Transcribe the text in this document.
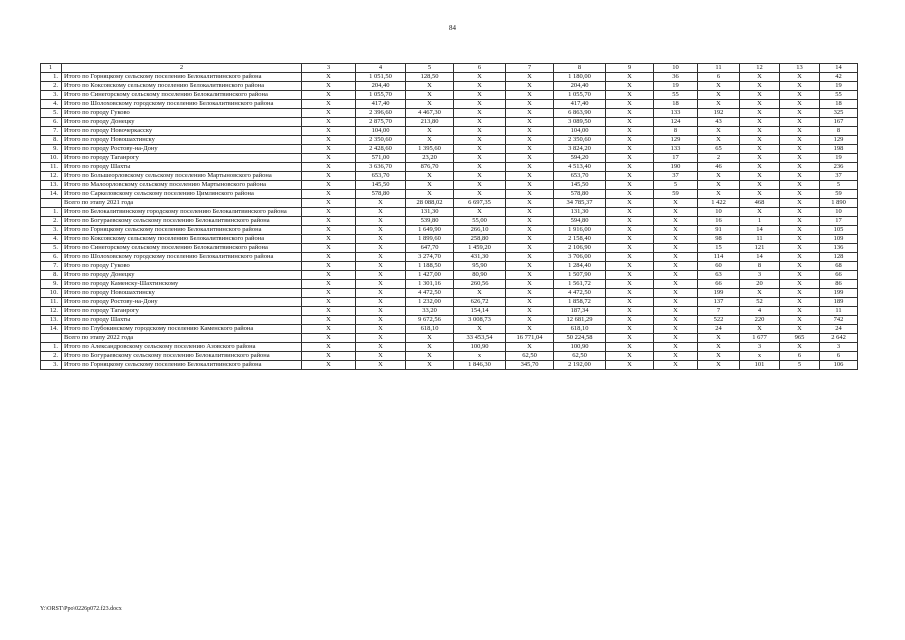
84
1	2	3	4	5	6	7	8	9	10	11	12	13	14
1.	Итого по Горняцкому сельскому поселению Белокалитвинского района	X	1 051,50	128,50	X	X	1 180,00	X	36	6	X	X	42
2.	Итого по Коксовскому сельскому поселению Белокалитвинского района	X	204,40	X	X	X	204,40	X	19	X	X	X	19
3.	Итого по Синегорскому сельскому поселению Белокалитвинского района	X	1 055,70	X	X	X	1 055,70	X	55	X	X	X	55
4.	Итого по Шолоховскому городскому поселению Белокалитвинского района	X	417,40	X	X	X	417,40	X	18	X	X	X	18
5.	Итого по городу Гуково	X	2 396,60	4 467,30	X	X	6 863,90	X	133	192	X	X	325
6.	Итого по городу Донецку	X	2 875,70	213,80	X	X	3 089,50	X	124	43	X	X	167
7.	Итого по городу Новочеркасску	X	104,00	X	X	X	104,00	X	8	X	X	X	8
8.	Итого по городу Новошахтинску	X	2 350,60	X	X	X	2 350,60	X	129	X	X	X	129
9.	Итого по городу Ростову-на-Дону	X	2 428,60	1 395,60	X	X	3 824,20	X	133	65	X	X	198
10.	Итого по городу Таганрогу	X	571,00	23,20	X	X	594,20	X	17	2	X	X	19
11.	Итого по городу Шахты	X	3 636,70	876,70	X	X	4 513,40	X	190	46	X	X	236
12.	Итого по Большеорловскому сельскому поселению Мартыновского района	X	653,70	X	X	X	653,70	X	37	X	X	X	37
13.	Итого по Малоорловскому сельскому поселению Мартыновского района	X	145,50	X	X	X	145,50	X	5	X	X	X	5
14.	Итого по Саркеловскому сельскому поселению Цимлянского района	X	578,80	X	X	X	578,80	X	59	X	X	X	59
	Всего по этапу 2021 года	X	X	28 088,02	6 697,35	X	34 785,37	X	X	1 422	468	X	1 890
1.	Итого по Белокалитвинскому городскому поселению Белокалитвинского района	X	X	131,30	X	X	131,30	X	X	10	X	X	10
2.	Итого по Богураевскому сельскому поселению Белокалитвинского района	X	X	539,80	55,00	X	594,80	X	X	16	1	X	17
3.	Итого по Горняцкому сельскому поселению Белокалитвинского района	X	X	1 649,90	266,10	X	1 916,00	X	X	91	14	X	105
4.	Итого по Коксовскому сельскому поселению Белокалитвинского района	X	X	1 899,60	258,80	X	2 158,40	X	X	98	11	X	109
5.	Итого по Синегорскому сельскому поселению Белокалитвинского района	X	X	647,70	1 459,20	X	2 106,90	X	X	15	121	X	136
6.	Итого по Шолоховскому городскому поселению Белокалитвинского района	X	X	3 274,70	431,30	X	3 706,00	X	X	114	14	X	128
7.	Итого по городу Гуково	X	X	1 188,50	95,90	X	1 284,40	X	X	60	8	X	68
8.	Итого по городу Донецку	X	X	1 427,00	80,90	X	1 507,90	X	X	63	3	X	66
9.	Итого по городу Каменску-Шахтинскому	X	X	1 301,16	260,56	X	1 561,72	X	X	66	20	X	86
10.	Итого по городу Новошахтинску	X	X	4 472,50	X	X	4 472,50	X	X	199	X	X	199
11.	Итого по городу Ростову-на-Дону	X	X	1 232,00	626,72	X	1 858,72	X	X	137	52	X	189
12.	Итого по городу Таганрогу	X	X	33,20	154,14	X	187,34	X	X	7	4	X	11
13.	Итого по городу Шахты	X	X	9 672,56	3 008,73	X	12 681,29	X	X	522	220	X	742
14.	Итого по Глубокинскому городскому поселению Каменского района	X	X	618,10	X	X	618,10	X	X	24	X	X	24
	Всего по этапу 2022 года	X	X	X	33 453,54	16 771,04	50 224,58	X	X	X	1 677	965	2 642
1.	Итого по Александровскому сельскому поселению Азовского района	X	X	X	100,90	X	100,90	X	X	X	3	X	3
2.	Итого по Богураевскому сельскому поселению Белокалитвинского района	X	X	X	x	62,50	62,50	X	X	X	x	6	6
3.	Итого по Горняцкому сельскому поселению Белокалитвинского района	X	X	X	1 846,30	345,70	2 192,00	X	X	X	101	5	106
Y:\ORST\Ppo\0226p072.f23.docx
